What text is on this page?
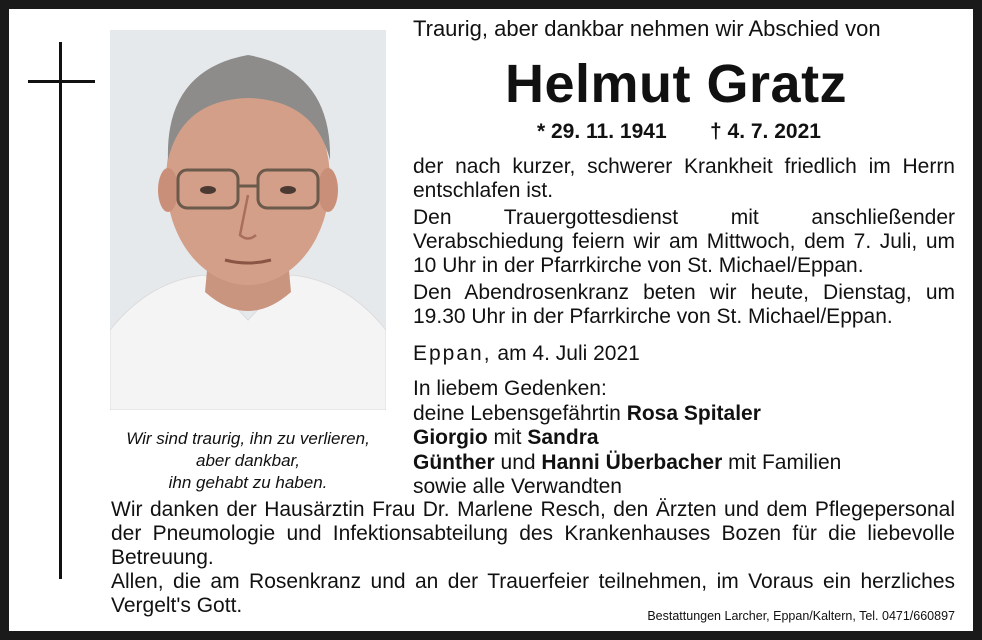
Wir sind traurig, ihn zu verlieren,
aber dankbar,
ihn gehabt zu haben.
Traurig, aber dankbar nehmen wir Abschied von
Helmut Gratz
* 29. 11. 1941 † 4. 7. 2021
der nach kurzer, schwerer Krankheit friedlich im Herrn entschlafen ist.
Den Trauergottesdienst mit anschließender Verabschiedung feiern wir am Mittwoch, dem 7. Juli, um 10 Uhr in der Pfarrkirche von St. Michael/Eppan.
Den Abendrosenkranz beten wir heute, Dienstag, um 19.30 Uhr in der Pfarrkirche von St. Michael/Eppan.
Eppan, am 4. Juli 2021
In liebem Gedenken:
deine Lebensgefährtin Rosa Spitaler
Giorgio mit Sandra
Günther und Hanni Überbacher mit Familien
sowie alle Verwandten
Wir danken der Hausärztin Frau Dr. Marlene Resch, den Ärzten und dem Pflegepersonal der Pneumologie und Infektionsabteilung des Krankenhauses Bozen für die liebevolle Betreuung.
Allen, die am Rosenkranz und an der Trauerfeier teilnehmen, im Voraus ein herzliches Vergelt's Gott.	Bestattungen Larcher, Eppan/Kaltern, Tel. 0471/660897
